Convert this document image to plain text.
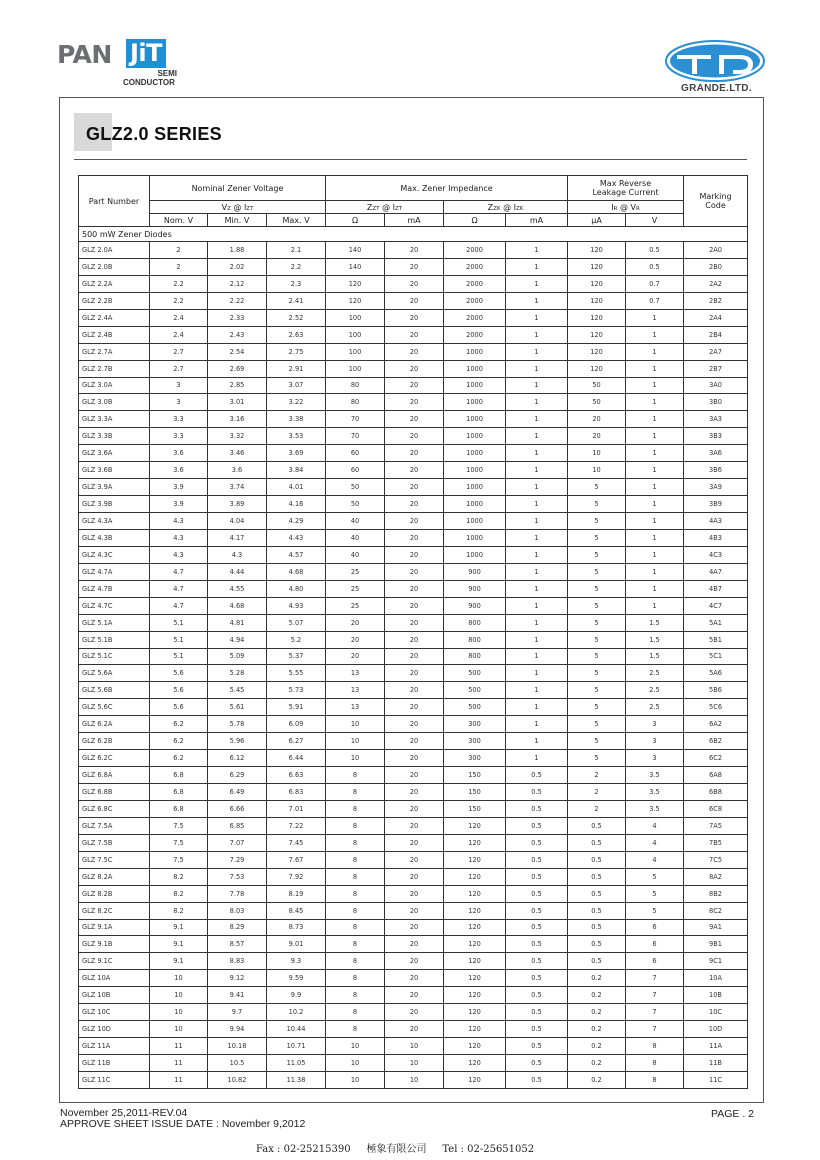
PAN JiT
SEMI
CONDUCTOR
GRANDE.LTD.
GLZ2.0 SERIES
Part Number	Nominal Zener Voltage			Max. Zener Impedance				Max Reverse
Leakage Current		Marking
Code	
	VZ @ IZT			ZZT @ IZT		ZZK @ IZK		IR @ VR			
	Nom. V	Min. V	Max. V	Ω	mA	Ω	mA	µA	V		
500 mW Zener Diodes											
GLZ 2.0A	2	1.88	2.1	140	20	2000	1	120	0.5	2A0	
GLZ 2.0B	2	2.02	2.2	140	20	2000	1	120	0.5	2B0	
GLZ 2.2A	2.2	2.12	2.3	120	20	2000	1	120	0.7	2A2	
GLZ 2.2B	2.2	2.22	2.41	120	20	2000	1	120	0.7	2B2	
GLZ 2.4A	2.4	2.33	2.52	100	20	2000	1	120	1	2A4	
GLZ 2.4B	2.4	2.43	2.63	100	20	2000	1	120	1	2B4	
GLZ 2.7A	2.7	2.54	2.75	100	20	1000	1	120	1	2A7	
GLZ 2.7B	2.7	2.69	2.91	100	20	1000	1	120	1	2B7	
GLZ 3.0A	3	2.85	3.07	80	20	1000	1	50	1	3A0	
GLZ 3.0B	3	3.01	3.22	80	20	1000	1	50	1	3B0	
GLZ 3.3A	3.3	3.16	3.38	70	20	1000	1	20	1	3A3	
GLZ 3.3B	3.3	3.32	3.53	70	20	1000	1	20	1	3B3	
GLZ 3.6A	3.6	3.46	3.69	60	20	1000	1	10	1	3A6	
GLZ 3.6B	3.6	3.6	3.84	60	20	1000	1	10	1	3B6	
GLZ 3.9A	3.9	3.74	4.01	50	20	1000	1	5	1	3A9	
GLZ 3.9B	3.9	3.89	4.16	50	20	1000	1	5	1	3B9	
GLZ 4.3A	4.3	4.04	4.29	40	20	1000	1	5	1	4A3	
GLZ 4.3B	4.3	4.17	4.43	40	20	1000	1	5	1	4B3	
GLZ 4.3C	4.3	4.3	4.57	40	20	1000	1	5	1	4C3	
GLZ 4.7A	4.7	4.44	4.68	25	20	900	1	5	1	4A7	
GLZ 4.7B	4.7	4.55	4.80	25	20	900	1	5	1	4B7	
GLZ 4.7C	4.7	4.68	4.93	25	20	900	1	5	1	4C7	
GLZ 5.1A	5.1	4.81	5.07	20	20	800	1	5	1.5	5A1	
GLZ 5.1B	5.1	4.94	5.2	20	20	800	1	5	1.5	5B1	
GLZ 5.1C	5.1	5.09	5.37	20	20	800	1	5	1.5	5C1	
GLZ 5.6A	5.6	5.28	5.55	13	20	500	1	5	2.5	5A6	
GLZ 5.6B	5.6	5.45	5.73	13	20	500	1	5	2.5	5B6	
GLZ 5.6C	5.6	5.61	5.91	13	20	500	1	5	2.5	5C6	
GLZ 6.2A	6.2	5.78	6.09	10	20	300	1	5	3	6A2	
GLZ 6.2B	6.2	5.96	6.27	10	20	300	1	5	3	6B2	
GLZ 6.2C	6.2	6.12	6.44	10	20	300	1	5	3	6C2	
GLZ 6.8A	6.8	6.29	6.63	8	20	150	0.5	2	3.5	6A8	
GLZ 6.8B	6.8	6.49	6.83	8	20	150	0.5	2	3.5	6B8	
GLZ 6.8C	6.8	6.66	7.01	8	20	150	0.5	2	3.5	6C8	
GLZ 7.5A	7.5	6.85	7.22	8	20	120	0.5	0.5	4	7A5	
GLZ 7.5B	7.5	7.07	7.45	8	20	120	0.5	0.5	4	7B5	
GLZ 7.5C	7.5	7.29	7.67	8	20	120	0.5	0.5	4	7C5	
GLZ 8.2A	8.2	7.53	7.92	8	20	120	0.5	0.5	5	8A2	
GLZ 8.2B	8.2	7.78	8.19	8	20	120	0.5	0.5	5	8B2	
GLZ 8.2C	8.2	8.03	8.45	8	20	120	0.5	0.5	5	8C2	
GLZ 9.1A	9.1	8.29	8.73	8	20	120	0.5	0.5	6	9A1	
GLZ 9.1B	9.1	8.57	9.01	8	20	120	0.5	0.5	6	9B1	
GLZ 9.1C	9.1	8.83	9.3	8	20	120	0.5	0.5	6	9C1	
GLZ 10A	10	9.12	9.59	8	20	120	0.5	0.2	7	10A	
GLZ 10B	10	9.41	9.9	8	20	120	0.5	0.2	7	10B	
GLZ 10C	10	9.7	10.2	8	20	120	0.5	0.2	7	10C	
GLZ 10D	10	9.94	10.44	8	20	120	0.5	0.2	7	10D	
GLZ 11A	11	10.18	10.71	10	10	120	0.5	0.2	8	11A	
GLZ 11B	11	10.5	11.05	10	10	120	0.5	0.2	8	11B	
GLZ 11C	11	10.82	11.38	10	10	120	0.5	0.2	8	11C	
November 25,2011-REV.04
APPROVE SHEET ISSUE DATE : November 9,2012
PAGE . 2
Fax : 02-25215390     極象有限公司     Tel : 02-25651052
